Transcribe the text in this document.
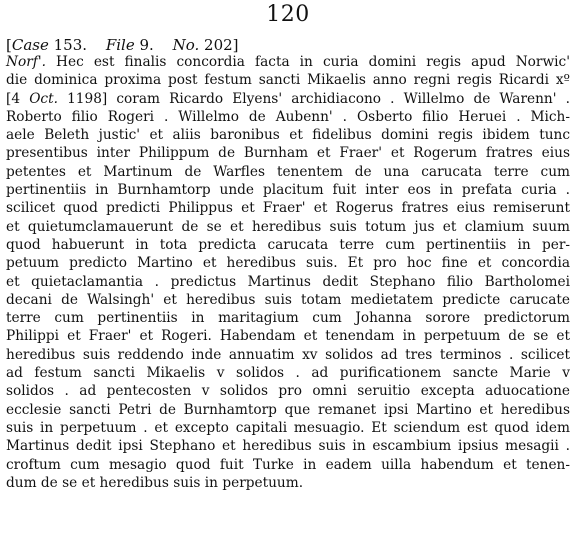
120
[Case 153. File 9. No. 202]
Norf'. Hec est finalis concordia facta in curia domini regis apud Norwic'
die dominica proxima post festum sancti Mikaelis anno regni regis Ricardi xº
[4 Oct. 1198] coram Ricardo Elyens' archidiacono . Willelmo de Warenn' .
Roberto filio Rogeri . Willelmo de Aubenn' . Osberto filio Heruei . Mich-
aele Beleth justic' et aliis baronibus et fidelibus domini regis ibidem tunc
presentibus inter Philippum de Burnham et Fraer' et Rogerum fratres eius
petentes et Martinum de Warfles tenentem de una carucata terre cum
pertinentiis in Burnhamtorp unde placitum fuit inter eos in prefata curia .
scilicet quod predicti Philippus et Fraer' et Rogerus fratres eius remiserunt
et quietumclamauerunt de se et heredibus suis totum jus et clamium suum
quod habuerunt in tota predicta carucata terre cum pertinentiis in per-
petuum predicto Martino et heredibus suis. Et pro hoc fine et concordia
et quietaclamantia . predictus Martinus dedit Stephano filio Bartholomei
decani de Walsingh' et heredibus suis totam medietatem predicte carucate
terre cum pertinentiis in maritagium cum Johanna sorore predictorum
Philippi et Fraer' et Rogeri. Habendam et tenendam in perpetuum de se et
heredibus suis reddendo inde annuatim xv solidos ad tres terminos . scilicet
ad festum sancti Mikaelis v solidos . ad purificationem sancte Marie v
solidos . ad pentecosten v solidos pro omni seruitio excepta aduocatione
ecclesie sancti Petri de Burnhamtorp que remanet ipsi Martino et heredibus
suis in perpetuum . et excepto capitali mesuagio. Et sciendum est quod idem
Martinus dedit ipsi Stephano et heredibus suis in escambium ipsius mesagii .
croftum cum mesagio quod fuit Turke in eadem uilla habendum et tenen-
dum de se et heredibus suis in perpetuum.
